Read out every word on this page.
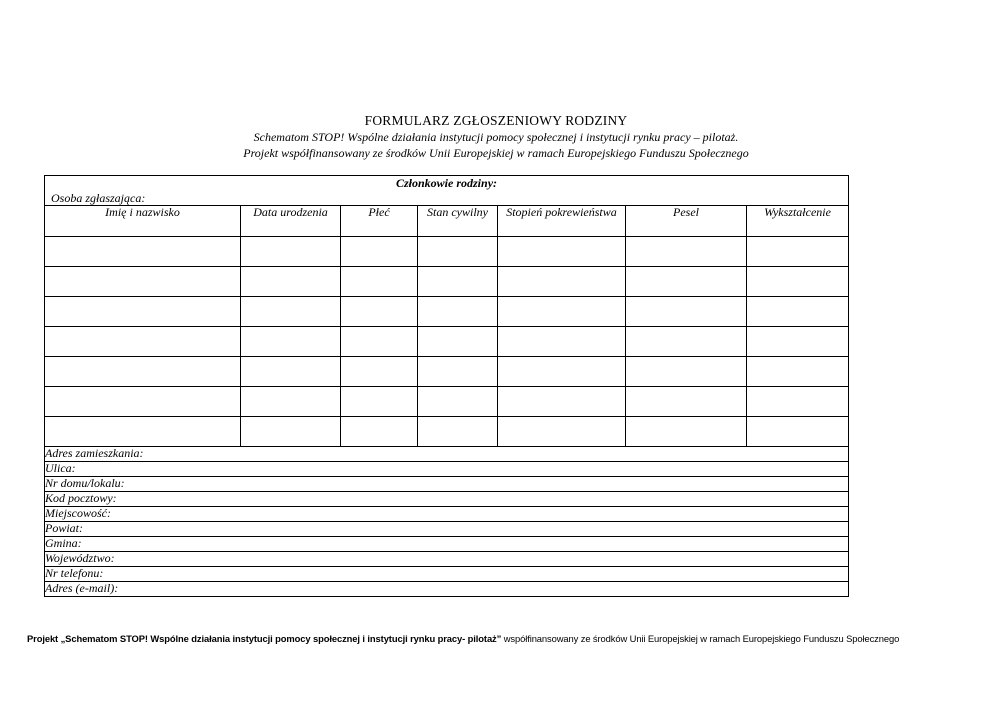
FORMULARZ ZGŁOSZENIOWY RODZINY
Schematom STOP! Wspólne działania instytucji pomocy społecznej i instytucji rynku pracy – pilotaż.
Projekt współfinansowany ze środków Unii Europejskiej w ramach Europejskiego Funduszu Społecznego
Członkowie rodziny:
Osoba zgłaszająca:						

Imię i nazwisko	Data urodzenia	Płeć	Stan cywilny	Stopień pokrewieństwa	Pesel	Wykształcenie

Adres zamieszkania:						
Ulica:						
Nr domu/lokalu:						
Kod pocztowy:						
Miejscowość:						
Powiat:						
Gmina:						
Województwo:						
Nr telefonu:						
Adres (e-mail):						
Projekt „Schematom STOP! Wspólne działania instytucji pomocy społecznej i instytucji rynku pracy- pilotaż” współfinansowany ze środków Unii Europejskiej w ramach Europejskiego Funduszu Społecznego
